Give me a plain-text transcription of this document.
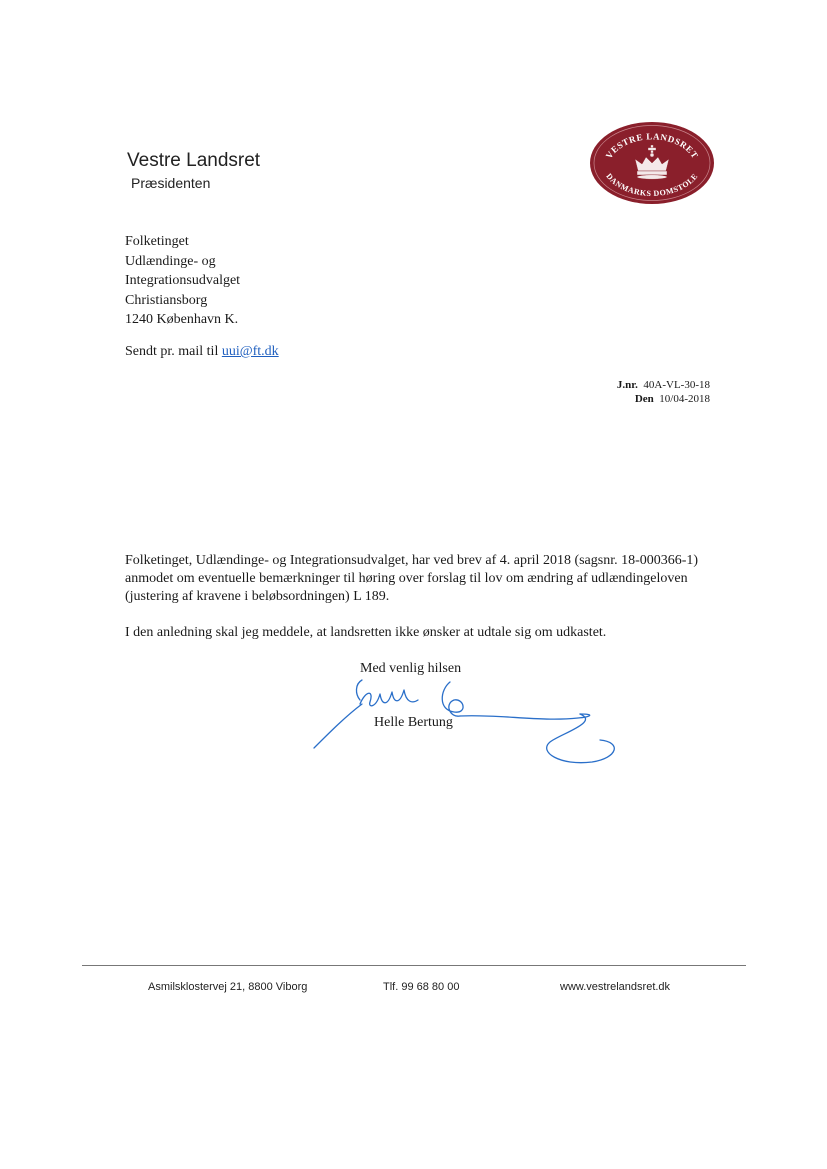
Vestre Landsret
Præsidenten
VESTRE LANDSRET
DANMARKS DOMSTOLE
Folketinget
Udlændinge- og
Integrationsudvalget
Christiansborg
1240 København K.
Sendt pr. mail til uui@ft.dk
J.nr. 40A-VL-30-18
Den 10/04-2018
Folketinget, Udlændinge- og Integrationsudvalget, har ved brev af 4. april 2018 (sagsnr. 18-000366-1) anmodet om eventuelle bemærkninger til høring over forslag til lov om ændring af udlændingeloven (justering af kravene i beløbsordningen) L 189.
I den anledning skal jeg meddele, at landsretten ikke ønsker at udtale sig om udkastet.
Med venlig hilsen
Helle Bertung
Asmilsklostervej 21, 8800 Viborg	Tlf. 99 68 80 00	www.vestrelandsret.dk
